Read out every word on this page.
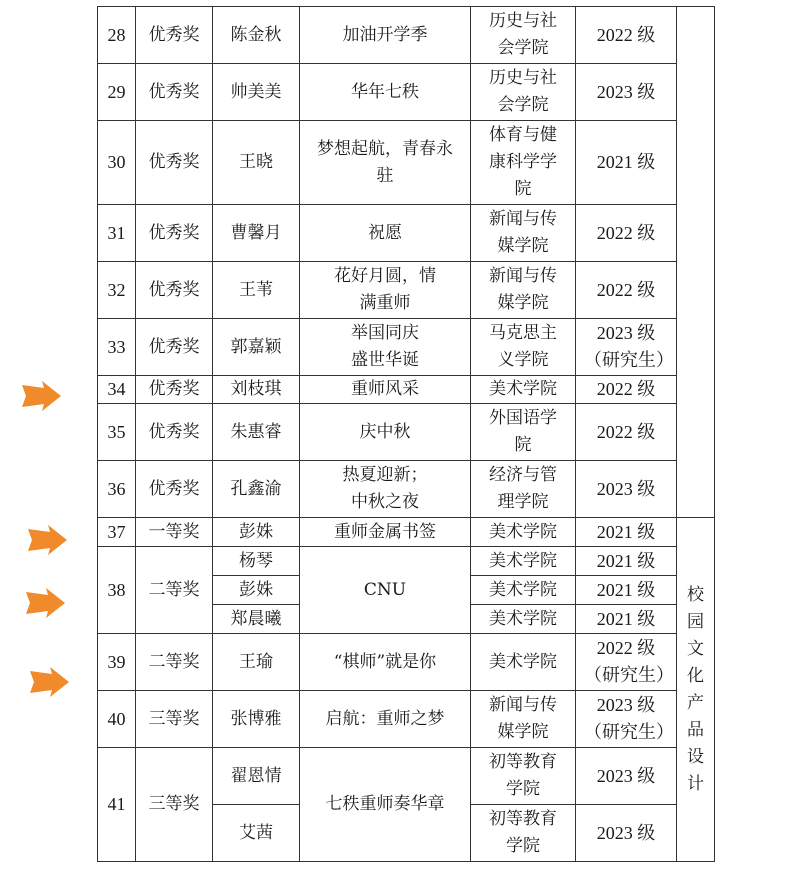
28	优秀奖	陈金秋	加油开学季	历史与社会学院	2022 级	
29	优秀奖	帅美美	华年七秩	历史与社会学院	2023 级	
30	优秀奖	王晓	梦想起航，青春永驻	体育与健康科学学院	2021 级	
31	优秀奖	曹馨月	祝愿	新闻与传媒学院	2022 级	
32	优秀奖	王苇	花好月圆，情满重师	新闻与传媒学院	2022 级	
33	优秀奖	郭嘉颖	举国同庆盛世华诞	马克思主义学院	2023 级（研究生）	
34	优秀奖	刘枝琪	重师风采	美术学院	2022 级	
35	优秀奖	朱惠睿	庆中秋	外国语学院	2022 级	
36	优秀奖	孔鑫渝	热夏迎新；中秋之夜	经济与管理学院	2023 级	
37	一等奖	彭姝	重师金属书签	美术学院	2021 级	校园文化产品设计
38	二等奖	杨琴	CNU	美术学院	2021 级	
		彭姝		美术学院	2021 级	
		郑晨曦		美术学院	2021 级	
39	二等奖	王瑜	“棋师”就是你	美术学院	2022 级（研究生）	
40	三等奖	张博雅	启航：重师之梦	新闻与传媒学院	2023 级（研究生）	
41	三等奖	翟恩情	七秩重师奏华章	初等教育学院	2023 级	
		艾茜		初等教育学院	2023 级	
